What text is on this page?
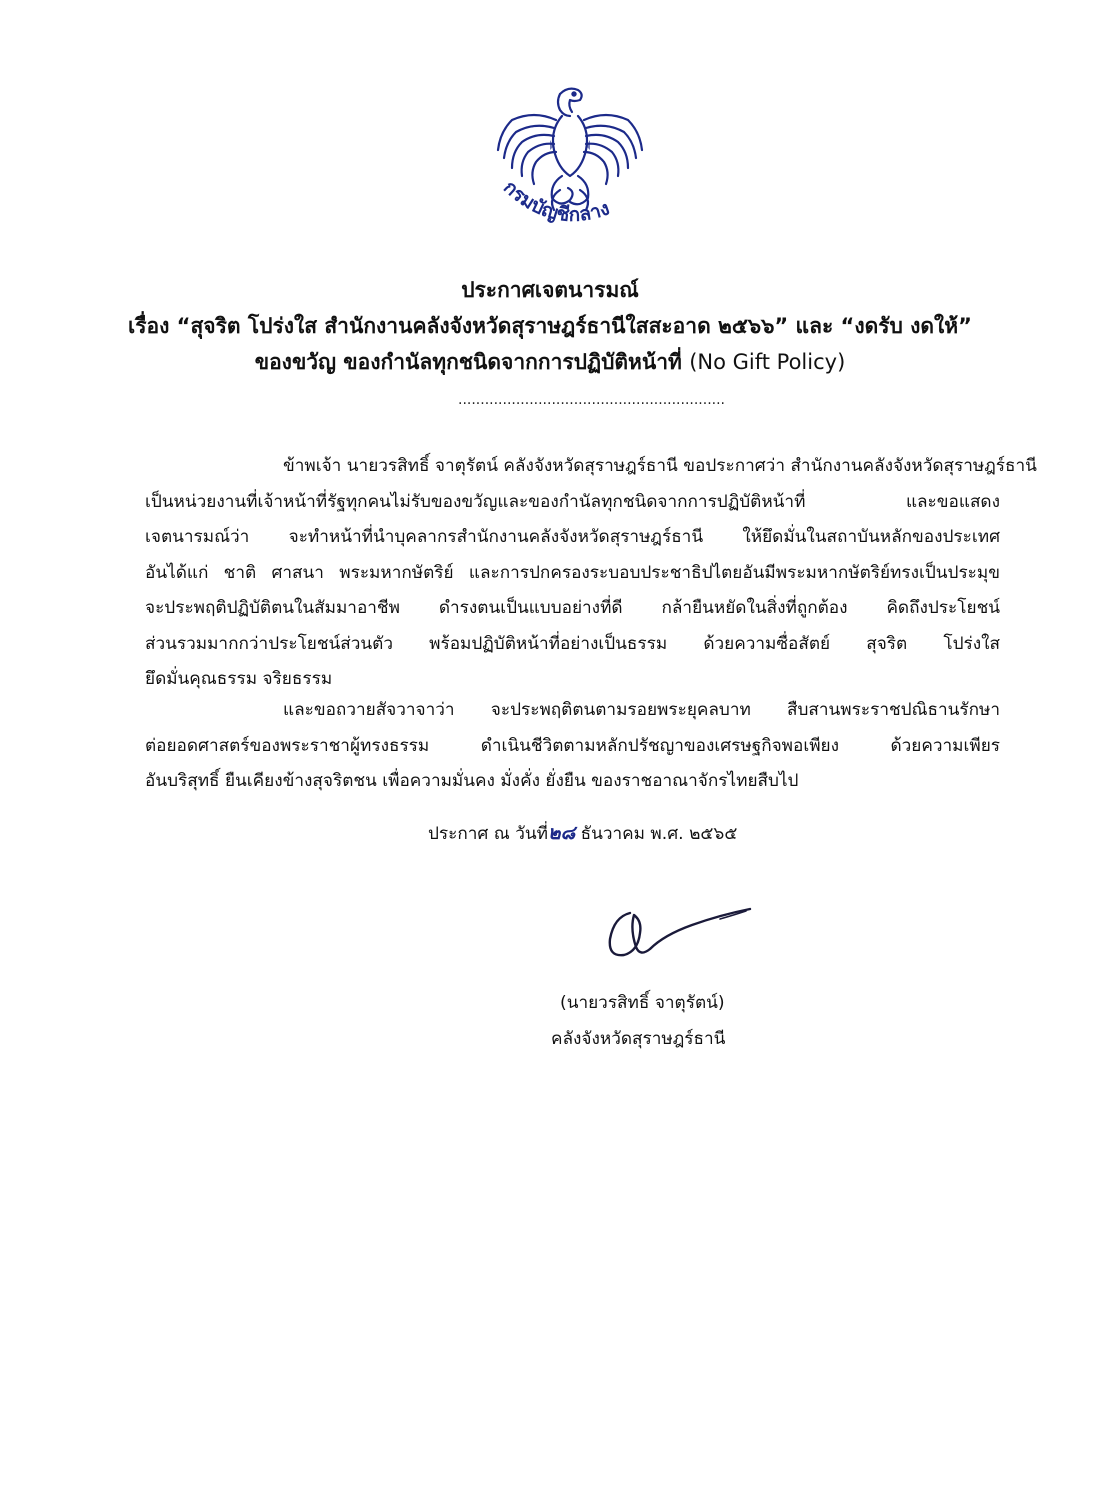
กรมบัญชีกลาง
ประกาศเจตนารมณ์
เรื่อง “สุจริต โปร่งใส สำนักงานคลังจังหวัดสุราษฎร์ธานีใสสะอาด ๒๕๖๖” และ “งดรับ งดให้”
ของขวัญ ของกำนัลทุกชนิดจากการปฏิบัติหน้าที่ (No Gift Policy)
............................................................
ข้าพเจ้า นายวรสิทธิ์ จาตุรัตน์ คลังจังหวัดสุราษฎร์ธานี ขอประกาศว่า สำนักงานคลังจังหวัดสุราษฎร์ธานี
เป็นหน่วยงานที่เจ้าหน้าที่รัฐทุกคนไม่รับของขวัญและของกำนัลทุกชนิดจากการปฏิบัติหน้าที่ และขอแสดง
เจตนารมณ์ว่า จะทำหน้าที่นำบุคลากรสำนักงานคลังจังหวัดสุราษฎร์ธานี ให้ยึดมั่นในสถาบันหลักของประเทศ
อันได้แก่ ชาติ ศาสนา พระมหากษัตริย์ และการปกครองระบอบประชาธิปไตยอันมีพระมหากษัตริย์ทรงเป็นประมุข
จะประพฤติปฏิบัติตนในสัมมาอาชีพ ดำรงตนเป็นแบบอย่างที่ดี กล้ายืนหยัดในสิ่งที่ถูกต้อง คิดถึงประโยชน์
ส่วนรวมมากกว่าประโยชน์ส่วนตัว พร้อมปฏิบัติหน้าที่อย่างเป็นธรรม ด้วยความซื่อสัตย์ สุจริต โปร่งใส
ยึดมั่นคุณธรรม จริยธรรม
และขอถวายสัจวาจาว่า จะประพฤติตนตามรอยพระยุคลบาท สืบสานพระราชปณิธานรักษา
ต่อยอดศาสตร์ของพระราชาผู้ทรงธรรม ดำเนินชีวิตตามหลักปรัชญาของเศรษฐกิจพอเพียง ด้วยความเพียร
อันบริสุทธิ์ ยืนเคียงข้างสุจริตชน เพื่อความมั่นคง มั่งคั่ง ยั่งยืน ของราชอาณาจักรไทยสืบไป
ประกาศ ณ วันที่๒๘ ธันวาคม พ.ศ. ๒๕๖๕
(นายวรสิทธิ์ จาตุรัตน์)
คลังจังหวัดสุราษฎร์ธานี
